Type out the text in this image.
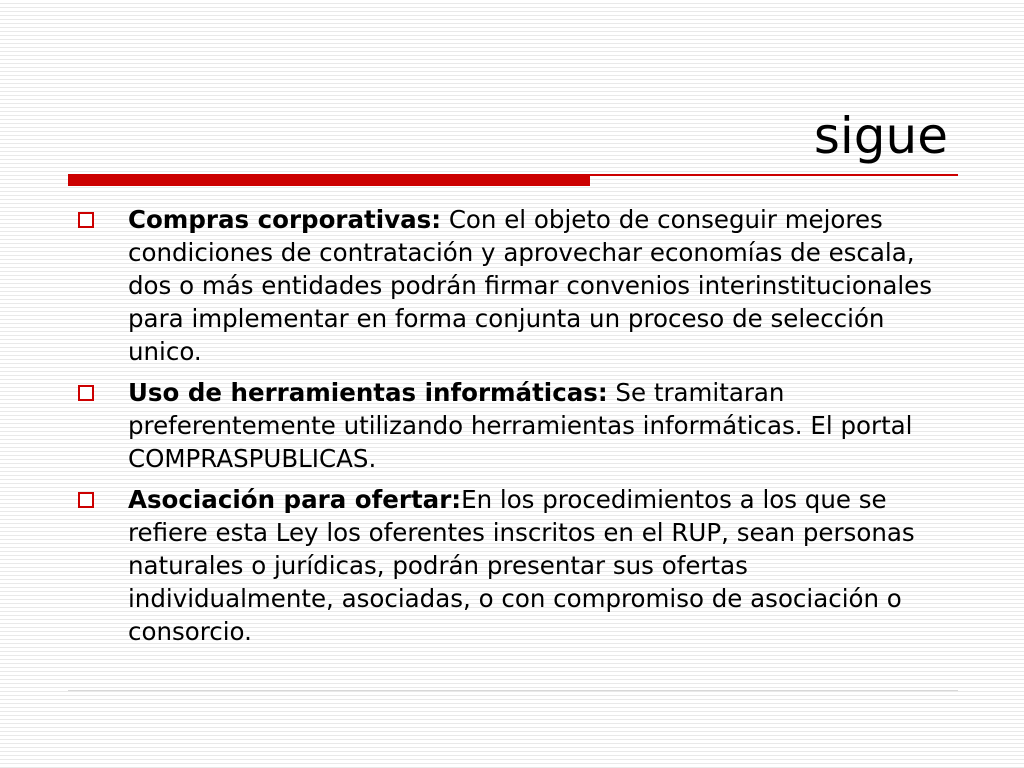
sigue
Compras corporativas: Con el objeto de conseguir mejores condiciones de contratación y aprovechar economías de escala, dos o más entidades podrán firmar convenios interinstitucionales para implementar en forma conjunta un proceso de selección unico.
Uso de herramientas informáticas: Se tramitaran preferentemente utilizando herramientas informáticas. El portal COMPRASPUBLICAS.
Asociación para ofertar:En los procedimientos a los que se refiere esta Ley los oferentes inscritos en el RUP, sean personas naturales o jurídicas, podrán presentar sus ofertas individualmente, asociadas, o con compromiso de asociación o consorcio.
